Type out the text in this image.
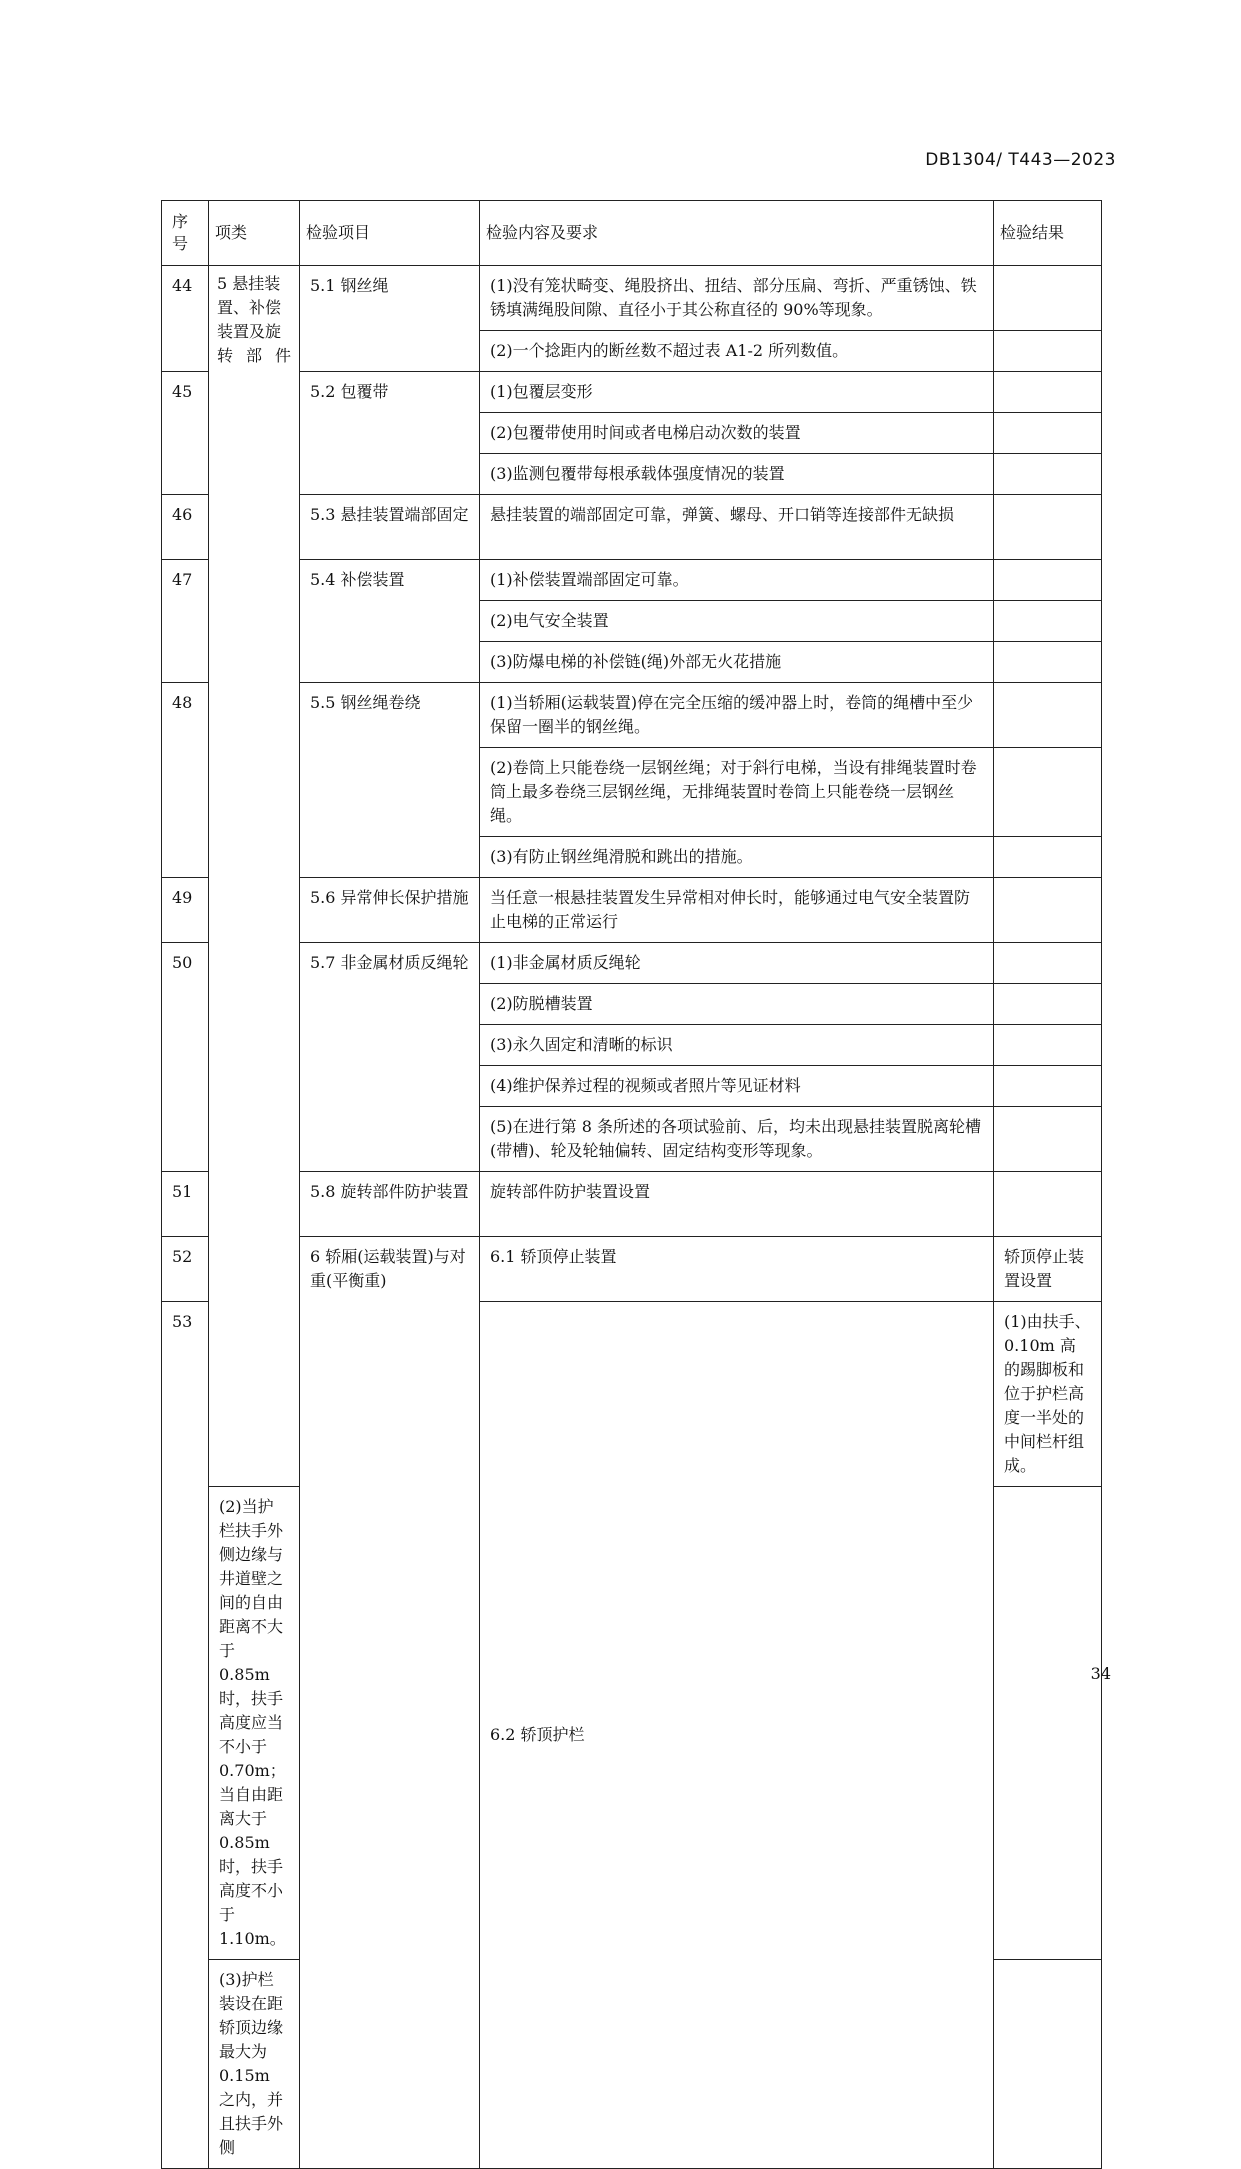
DB1304/ T443—2023
序号	项类	检验项目	检验内容及要求	检验结果	
44	5 悬挂装置、补偿装置及旋转部件	5.1 钢丝绳	(1)没有笼状畸变、绳股挤出、扭结、部分压扁、弯折、严重锈蚀、铁锈填满绳股间隙、直径小于其公称直径的 90%等现象。		
			(2)一个捻距内的断丝数不超过表 A1-2 所列数值。		
45		5.2 包覆带	(1)包覆层变形		
			(2)包覆带使用时间或者电梯启动次数的装置		
			(3)监测包覆带每根承载体强度情况的装置		
46		5.3 悬挂装置端部固定	悬挂装置的端部固定可靠，弹簧、螺母、开口销等连接部件无缺损		
47		5.4 补偿装置	(1)补偿装置端部固定可靠。		
			(2)电气安全装置		
			(3)防爆电梯的补偿链(绳)外部无火花措施		
48		5.5 钢丝绳卷绕	(1)当轿厢(运载装置)停在完全压缩的缓冲器上时，卷筒的绳槽中至少保留一圈半的钢丝绳。		
			(2)卷筒上只能卷绕一层钢丝绳；对于斜行电梯，当设有排绳装置时卷筒上最多卷绕三层钢丝绳，无排绳装置时卷筒上只能卷绕一层钢丝绳。		
			(3)有防止钢丝绳滑脱和跳出的措施。		
49		5.6 异常伸长保护措施	当任意一根悬挂装置发生异常相对伸长时，能够通过电气安全装置防止电梯的正常运行		
50		5.7 非金属材质反绳轮	(1)非金属材质反绳轮		
			(2)防脱槽装置		
			(3)永久固定和清晰的标识		
			(4)维护保养过程的视频或者照片等见证材料		
			(5)在进行第 8 条所述的各项试验前、后，均未出现悬挂装置脱离轮槽(带槽)、轮及轮轴偏转、固定结构变形等现象。		
51		5.8 旋转部件防护装置	旋转部件防护装置设置		
52		6 轿厢(运载装置)与对重(平衡重)	6.1 轿顶停止装置	轿顶停止装置设置	
53			6.2 轿顶护栏	(1)由扶手、0.10m 高的踢脚板和位于护栏高度一半处的中间栏杆组成。	
	(2)当护栏扶手外侧边缘与井道壁之间的自由距离不大于 0.85m 时，扶手高度应当不小于 0.70m；当自由距离大于 0.85m 时，扶手高度不小于 1.10m。				
	(3)护栏装设在距轿顶边缘最大为 0.15m 之内，并且扶手外侧				
34
